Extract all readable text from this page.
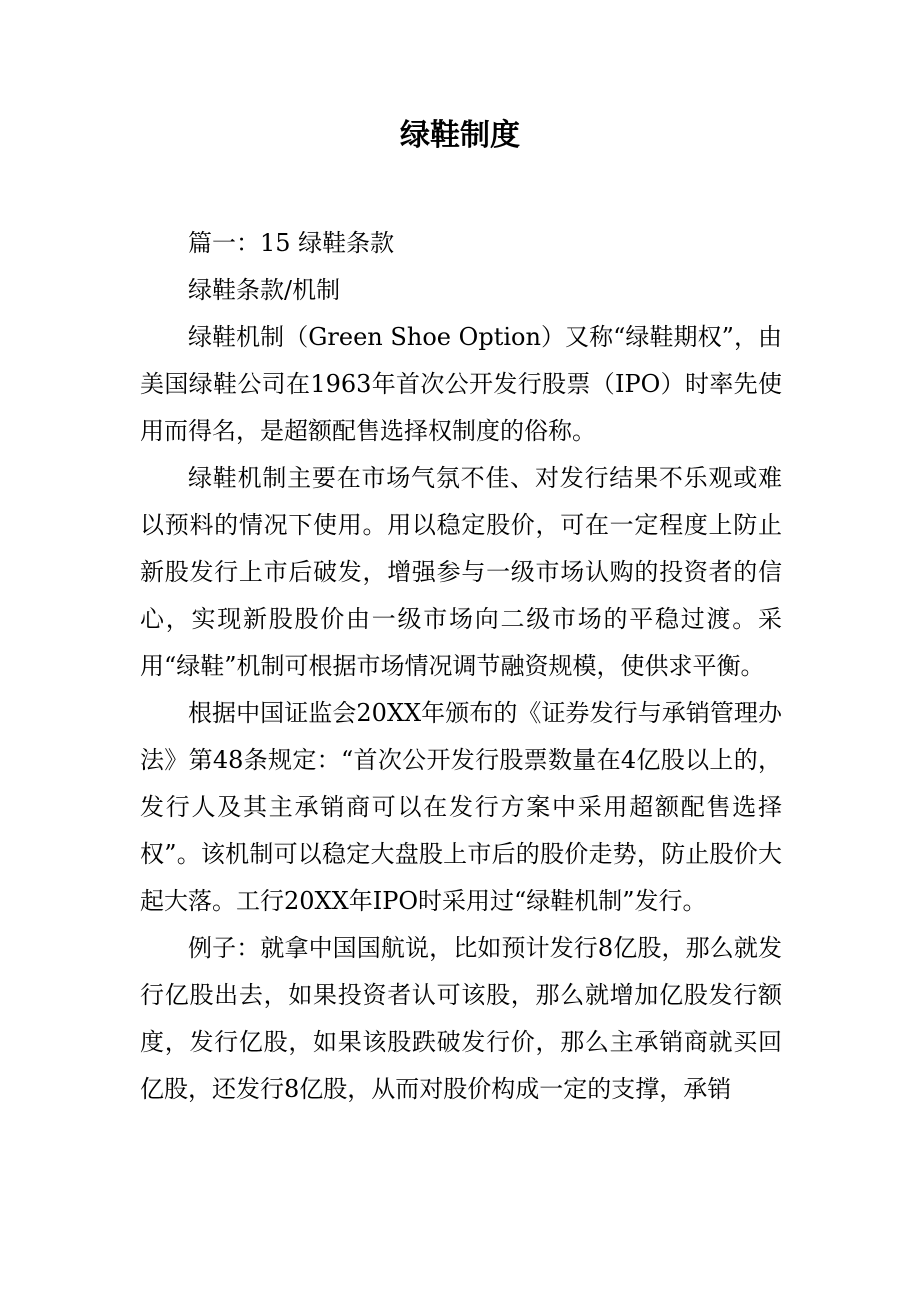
绿鞋制度

篇一：15 绿鞋条款

绿鞋条款/机制

绿鞋机制（Green Shoe Option）又称“绿鞋期权”，由美国绿鞋公司在1963年首次公开发行股票（IPO）时率先使用而得名，是超额配售选择权制度的俗称。

绿鞋机制主要在市场气氛不佳、对发行结果不乐观或难以预料的情况下使用。用以稳定股价，可在一定程度上防止新股发行上市后破发，增强参与一级市场认购的投资者的信心，实现新股股价由一级市场向二级市场的平稳过渡。采用“绿鞋”机制可根据市场情况调节融资规模，使供求平衡。

根据中国证监会20XX年颁布的《证券发行与承销管理办法》第48条规定：“首次公开发行股票数量在4亿股以上的，发行人及其主承销商可以在发行方案中采用超额配售选择权”。该机制可以稳定大盘股上市后的股价走势，防止股价大起大落。工行20XX年IPO时采用过“绿鞋机制”发行。

例子：就拿中国国航说，比如预计发行8亿股，那么就发行亿股出去，如果投资者认可该股，那么就增加亿股发行额度，发行亿股，如果该股跌破发行价，那么主承销商就买回亿股，还发行8亿股，从而对股价构成一定的支撑，承销
